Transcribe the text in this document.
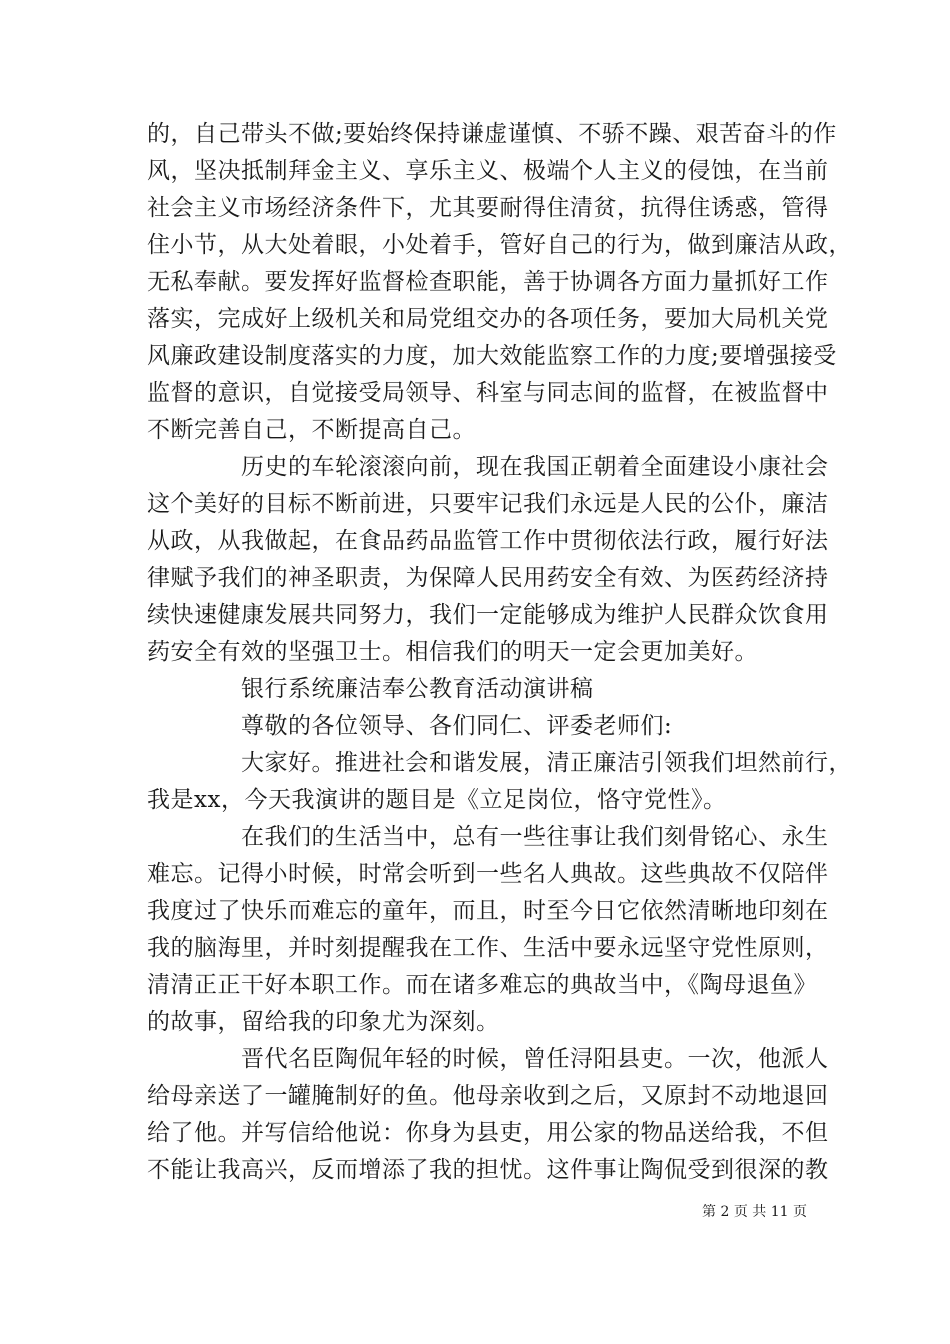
的，自己带头不做;要始终保持谦虚谨慎、不骄不躁、艰苦奋斗的作
风，坚决抵制拜金主义、享乐主义、极端个人主义的侵蚀，在当前
社会主义市场经济条件下，尤其要耐得住清贫，抗得住诱惑，管得
住小节，从大处着眼，小处着手，管好自己的行为，做到廉洁从政，
无私奉献。要发挥好监督检查职能，善于协调各方面力量抓好工作
落实，完成好上级机关和局党组交办的各项任务，要加大局机关党
风廉政建设制度落实的力度，加大效能监察工作的力度;要增强接受
监督的意识，自觉接受局领导、科室与同志间的监督，在被监督中
不断完善自己，不断提高自己。
历史的车轮滚滚向前，现在我国正朝着全面建设小康社会
这个美好的目标不断前进，只要牢记我们永远是人民的公仆，廉洁
从政，从我做起，在食品药品监管工作中贯彻依法行政，履行好法
律赋予我们的神圣职责，为保障人民用药安全有效、为医药经济持
续快速健康发展共同努力，我们一定能够成为维护人民群众饮食用
药安全有效的坚强卫士。相信我们的明天一定会更加美好。
银行系统廉洁奉公教育活动演讲稿
尊敬的各位领导、各们同仁、评委老师们:
大家好。推进社会和谐发展，清正廉洁引领我们坦然前行，
我是xx，今天我演讲的题目是《立足岗位，恪守党性》。
在我们的生活当中，总有一些往事让我们刻骨铭心、永生
难忘。记得小时候，时常会听到一些名人典故。这些典故不仅陪伴
我度过了快乐而难忘的童年，而且，时至今日它依然清晰地印刻在
我的脑海里，并时刻提醒我在工作、生活中要永远坚守党性原则，
清清正正干好本职工作。而在诸多难忘的典故当中，《陶母退鱼》
的故事，留给我的印象尤为深刻。
晋代名臣陶侃年轻的时候，曾任浔阳县吏。一次，他派人
给母亲送了一罐腌制好的鱼。他母亲收到之后，又原封不动地退回
给了他。并写信给他说：你身为县吏，用公家的物品送给我，不但
不能让我高兴，反而增添了我的担忧。这件事让陶侃受到很深的教
第 2 页 共 11 页
